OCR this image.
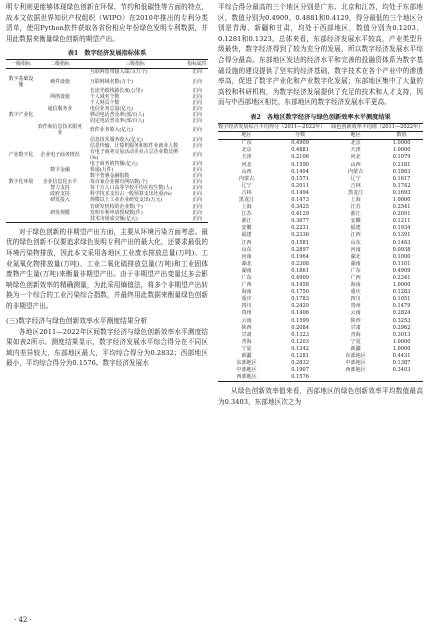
明专利则更能够体现绿色创新在环保、节约和低碳性等方面的特点，故本文依据世界知识产权组织（WIPO）在2010年推出的专利分类清单，使用Python软件获取各省份相应年份绿色发明专利数据，并用此数据来衡量绿色创新的期望产出。

表1　数字经济发展指标体系
一级指标	二级指标	三级指标	指标属性
		互联网宽带接入端口(万个)	正向
数字基础设施	硬件设施	互联网域名数(万个)	正向
		长途光缆线路长度(公里)	正向
	网络设施	千人域名个数	正向
		千人网页个数	正向
	通信服务业	电信业务总量(亿元)	正向
数字产业化		移动电话普及率(部/百人)	正向
		固定电话普及率(部/百人)	正向
	软件和信息技术服务业	软件业务收入(亿元)	正向
		信息技术服务收入(亿元)	正向
		信息传输、计算机服务和软件业就业人数	正向
产业数字化	企业电子商务情况	有电子商务交易活动企业占总企业数比例(%)	正向
		电子商务销售额(亿元)	正向
	数字金融	快递(万件)	正向
		数字普惠金融指数	正向
数字化环境	企业信息化水平	每百家企业拥有网站数(个)	正向
	智力支持	每十万人口高等学校平均在校生数(人)	正向
	政府支持	科学技术支出占一般预算支出比重(%)	正向
	研发投入	规模以上工业企业研发支出(万元)	正向
		有研发机构的企业数(个)	正向
	研发规模	发明专利申请授权数(件)	正向
		技术市场成交额(亿元)	正向

对于绿色创新的非期望产出方面，主要从环境污染方面考虑。最优的绿色创新不仅要追求绿色发明专利产出的最大化，还要求最低的环境污染物排放，因此本文采用各地区工业废水排放总量(万吨)、工业氮氧化物排放量(万吨)、工业二氧化硫排放总量(万吨)和工业固体废物产生量(万吨)来衡量非期望产出。由于非期望产出变量过多会影响绿色创新效率的精确测量，为此采用熵值法，将多个非期望产出转换为一个综合的工业污染综合指数，并最终用此数据来衡量绿色创新的非期望产出。

(三)数字经济与绿色创新效率水平测度结果分析

各地区2011—2022年区间数字经济与绿色创新效率水平测度结果如表2所示。测度结果显示，数字经济发展水平综合得分在不同区域内差异较大，东部地区最大，平均综合得分为0.2832；西部地区最小，平均综合得分为0.1576。数字经济发展水

平综合得分最高的三个地区分别是广东、北京和江苏，均处于东部地区，数值分别为0.4909、0.4881和0.4129，得分最低的三个地区分别是青海、新疆和甘肃，均处于西部地区，数值分别为0.1203、0.1281和0.1323。总体来看，东部经济发展水平较高，产业类型升级最快，数字经济得到了较为充分的发展，所以数字经济发展水平综合得分最高。东部地区发达的经济水平和完善的投融资体系为数字基础设施的建设提供了坚实的经济基础，数字技术在各个产业中的渗透率高，促进了数字产业化和产业数字化发展；东部地区集中了大量的高校和科研机构，为数字经济发展提供了充足的技术和人才支持，因而与中西部地区相比，东部地区的数字经济发展水平更高。

表2　各地区数字经济与绿色创新效率水平测度结果
数字经济发展综合平均得分（2011—2022年）			绿色创新效率平均值（2011—2022年）	
地区	分数		地区	数值
广东	0.4909		北京	1.0000
北京	0.4881		天津	1.0000
天津	0.2106		河北	0.1079
河北	0.1590		山西	0.2181
山西	0.1494		内蒙古	0.1863
内蒙古	0.1571		辽宁	0.1617
辽宁	0.2011		吉林	0.1742
吉林	0.1494		黑龙江	0.1693
黑龙江	0.1473		上海	1.0000
上海	0.3425		江苏	0.2541
江苏	0.4129		浙江	0.2091
浙江	0.3677		安徽	0.1211
安徽	0.2231		福建	0.1934
福建	0.2336		江西	0.1391
江西	0.1581		山东	0.1463
山东	0.2897		河南	0.0938
河南	0.1964		湖北	0.1000
湖北	0.2308		湖南	0.1101
湖南	0.1861		广东	0.4909
广东	0.4909		广西	0.2341
广西	0.1458		海南	1.0000
海南	0.1750		重庆	0.1283
重庆	0.1783		四川	0.1051
四川	0.2429		贵州	0.1479
贵州	0.1406		云南	0.2824
云南	0.1599		陕西	0.3253
陕西	0.2084		甘肃	0.2962
甘肃	0.1323		青海	0.3013
青海	0.1203		宁夏	1.0000
宁夏	0.1342		新疆	1.0000
新疆	0.1281		东部地区	0.4431
东部地区	0.2832		中部地区	0.1387
中部地区	0.1907		西部地区	0.3403
西部地区	0.1576			

从绿色创新效率值来看，西部地区的绿色创新效率平均数值最高为0.3403，东部地区次之为

· 42 ·
